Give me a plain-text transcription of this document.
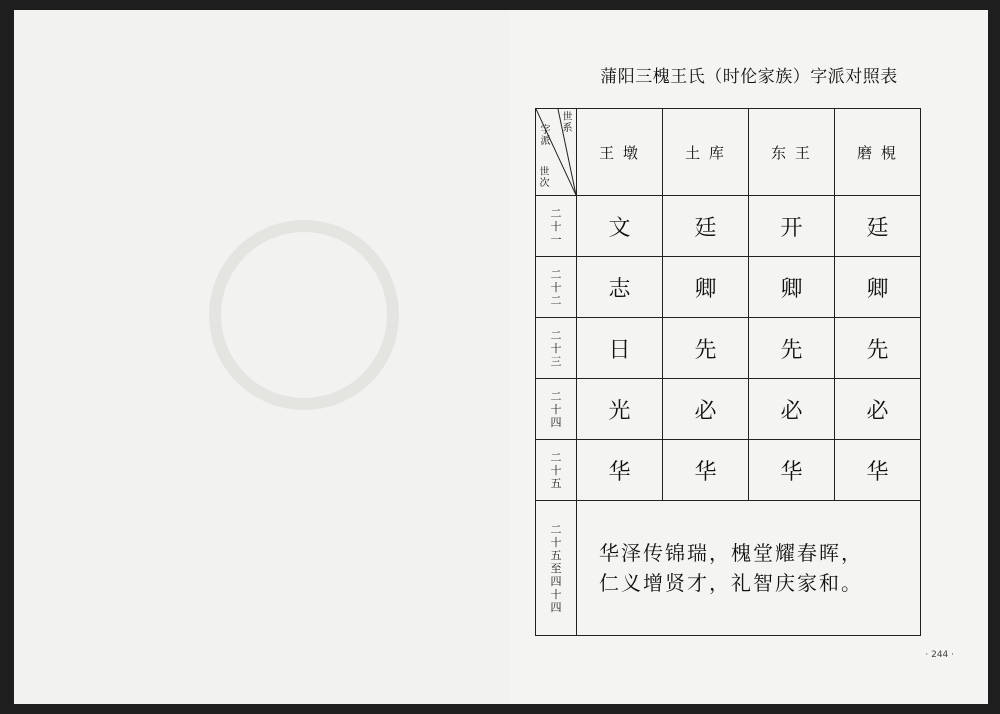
蒲阳三槐王氏（时伦家族）字派对照表
世系
字派
世次	王 墩	土 库	东 王	磨 梘
二十一	文	廷	开	廷
二十二	志	卿	卿	卿
二十三	日	先	先	先
二十四	光	必	必	必
二十五	华	华	华	华
二十五至四十四	华泽传锦瑞，槐堂耀春晖，
仁义增贤才，礼智庆家和。			
· 244 ·
